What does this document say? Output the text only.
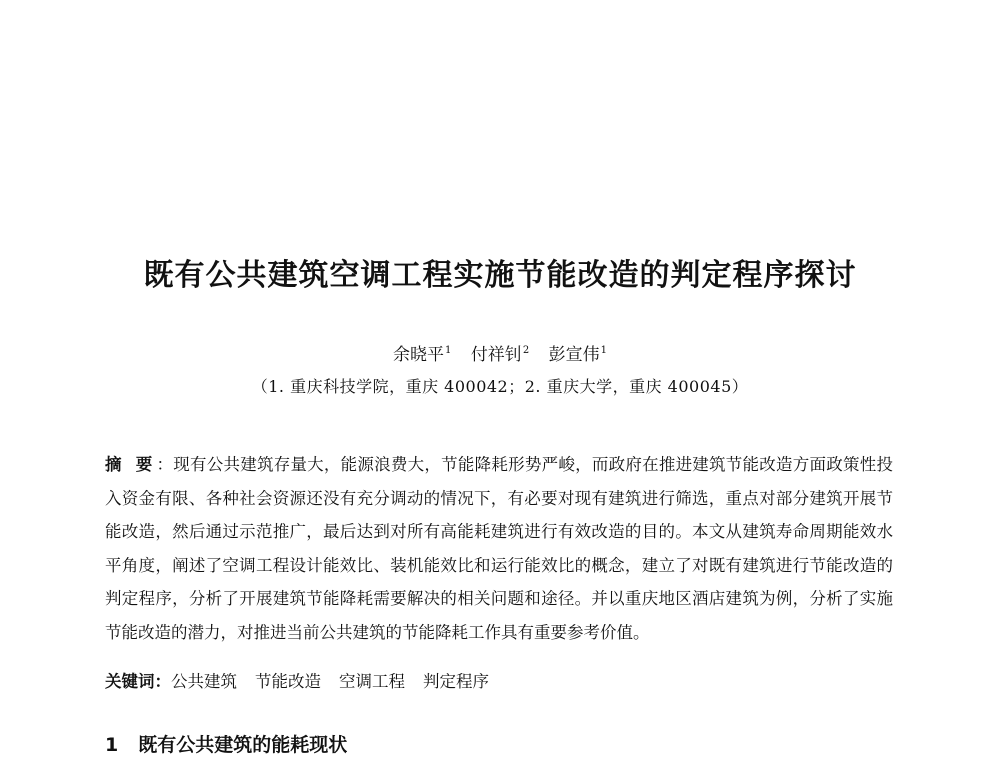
既有公共建筑空调工程实施节能改造的判定程序探讨
余晓平$^1$ 付祥钊$^2$ 彭宣伟$^1$
（1. 重庆科技学院，重庆 400042；2. 重庆大学，重庆 400045）
摘 要：现有公共建筑存量大，能源浪费大，节能降耗形势严峻，而政府在推进建筑节能改造方面政策性投入资金有限、各种社会资源还没有充分调动的情况下，有必要对现有建筑进行筛选，重点对部分建筑开展节能改造，然后通过示范推广，最后达到对所有高能耗建筑进行有效改造的目的。本文从建筑寿命周期能效水平角度，阐述了空调工程设计能效比、装机能效比和运行能效比的概念，建立了对既有建筑进行节能改造的判定程序，分析了开展建筑节能降耗需要解决的相关问题和途径。并以重庆地区酒店建筑为例，分析了实施节能改造的潜力，对推进当前公共建筑的节能降耗工作具有重要参考价值。
关键词：公共建筑 节能改造 空调工程 判定程序
1 既有公共建筑的能耗现状
